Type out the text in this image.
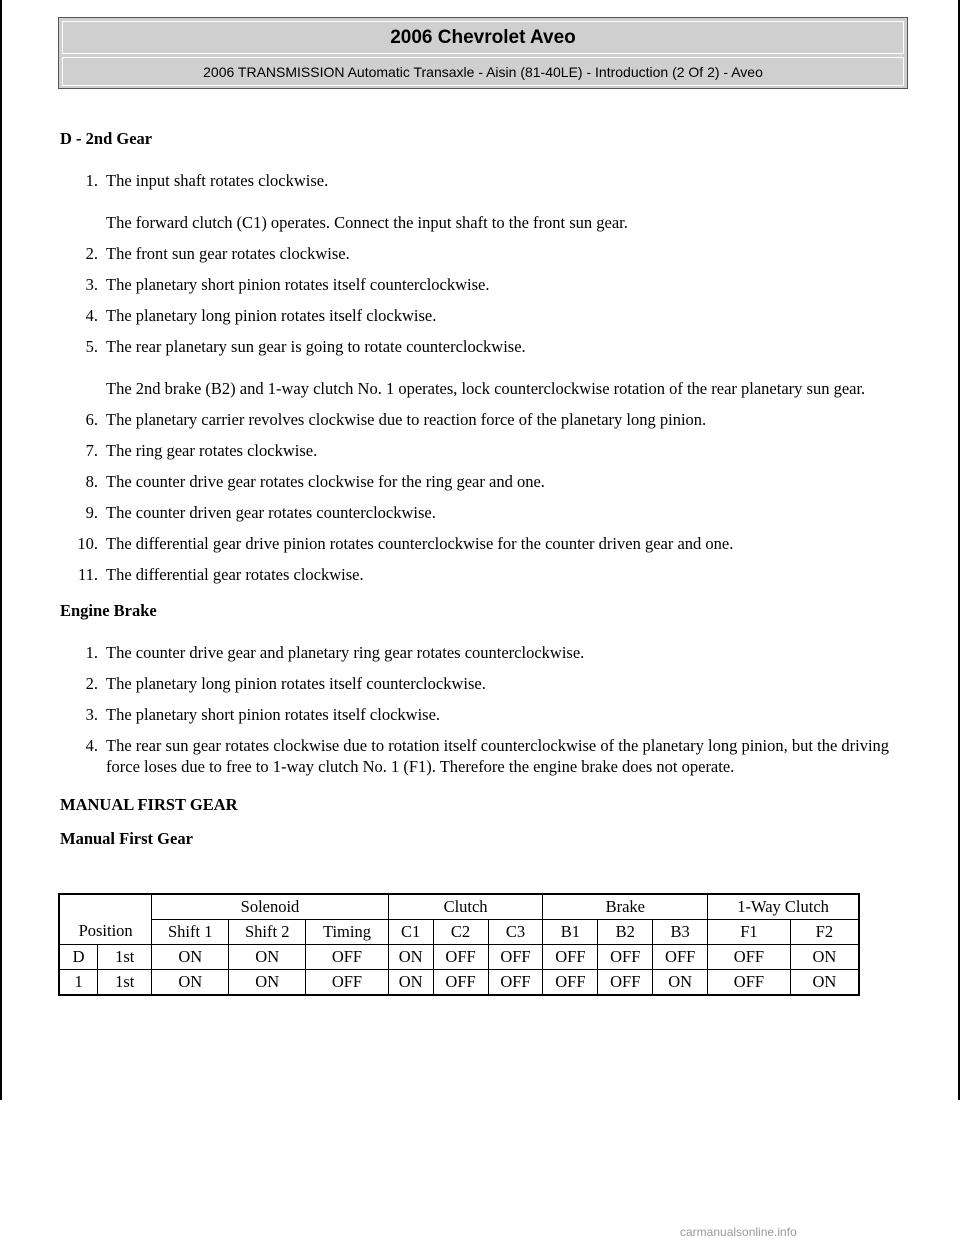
2006 Chevrolet Aveo
2006 TRANSMISSION Automatic Transaxle - Aisin (81-40LE) - Introduction (2 Of 2) - Aveo

D - 2nd Gear

1. The input shaft rotates clockwise.
The forward clutch (C1) operates. Connect the input shaft to the front sun gear.
2. The front sun gear rotates clockwise.
3. The planetary short pinion rotates itself counterclockwise.
4. The planetary long pinion rotates itself clockwise.
5. The rear planetary sun gear is going to rotate counterclockwise.
The 2nd brake (B2) and 1-way clutch No. 1 operates, lock counterclockwise rotation of the rear planetary sun gear.
6. The planetary carrier revolves clockwise due to reaction force of the planetary long pinion.
7. The ring gear rotates clockwise.
8. The counter drive gear rotates clockwise for the ring gear and one.
9. The counter driven gear rotates counterclockwise.
10. The differential gear drive pinion rotates counterclockwise for the counter driven gear and one.
11. The differential gear rotates clockwise.

Engine Brake

1. The counter drive gear and planetary ring gear rotates counterclockwise.
2. The planetary long pinion rotates itself counterclockwise.
3. The planetary short pinion rotates itself clockwise.
4. The rear sun gear rotates clockwise due to rotation itself counterclockwise of the planetary long pinion, but the driving force loses due to free to 1-way clutch No. 1 (F1). Therefore the engine brake does not operate.

MANUAL FIRST GEAR

Manual First Gear

Position		Solenoid			Clutch			Brake			1-Way Clutch	
		Shift 1	Shift 2	Timing	C1	C2	C3	B1	B2	B3	F1	F2
D	1st	ON	ON	OFF	ON	OFF	OFF	OFF	OFF	OFF	OFF	ON
1	1st	ON	ON	OFF	ON	OFF	OFF	OFF	OFF	ON	OFF	ON
carmanualsonline.info
